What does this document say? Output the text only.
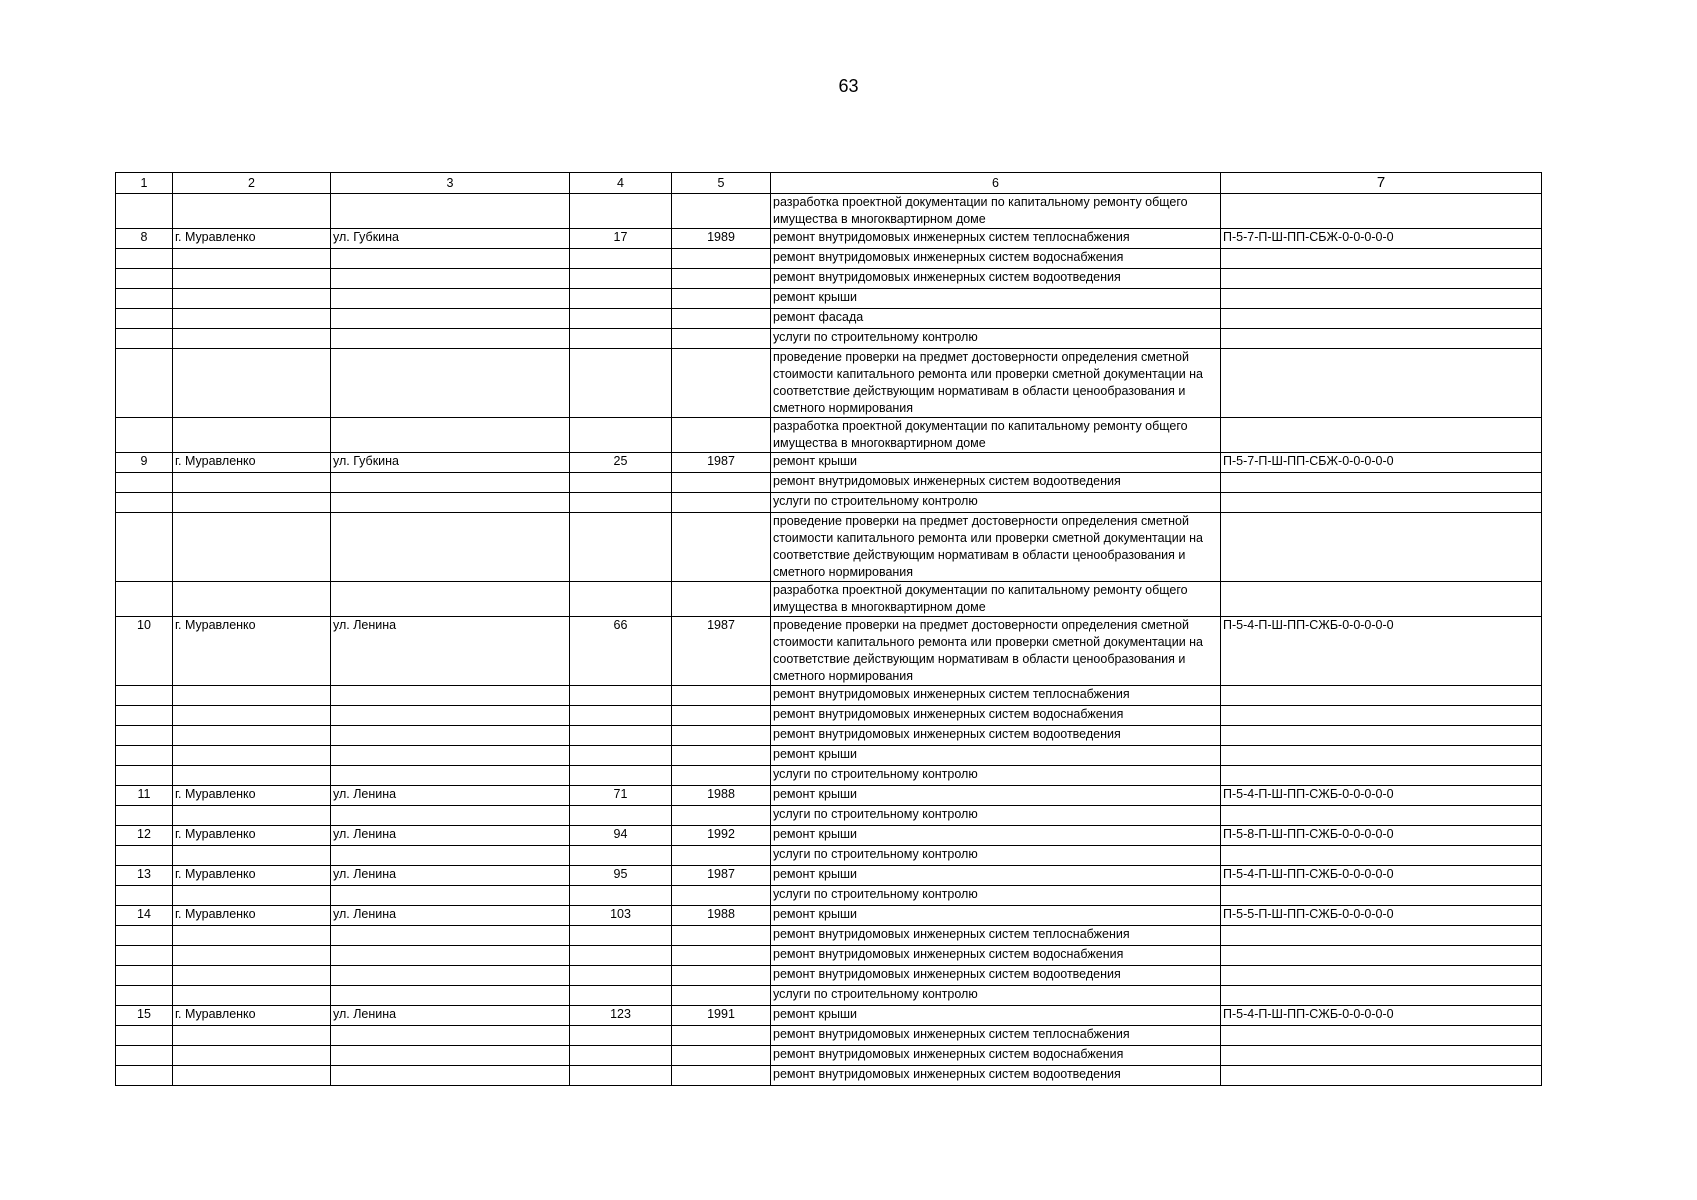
63
1	2	3	4	5	6	7
					разработка проектной документации по капитальному ремонту общего имущества в многоквартирном доме	
8	г. Муравленко	ул. Губкина	17	1989	ремонт внутридомовых инженерных систем теплоснабжения	П-5-7-П-Ш-ПП-СБЖ-0-0-0-0-0
					ремонт внутридомовых инженерных систем водоснабжения	
					ремонт внутридомовых инженерных систем водоотведения	
					ремонт крыши	
					ремонт фасада	
					услуги по строительному контролю	
					проведение проверки на предмет достоверности определения сметной стоимости капитального ремонта или проверки сметной документации на соответствие действующим нормативам в области ценообразования и сметного нормирования	
					разработка проектной документации по капитальному ремонту общего имущества в многоквартирном доме	
9	г. Муравленко	ул. Губкина	25	1987	ремонт крыши	П-5-7-П-Ш-ПП-СБЖ-0-0-0-0-0
					ремонт внутридомовых инженерных систем водоотведения	
					услуги по строительному контролю	
					проведение проверки на предмет достоверности определения сметной стоимости капитального ремонта или проверки сметной документации на соответствие действующим нормативам в области ценообразования и сметного нормирования	
					разработка проектной документации по капитальному ремонту общего имущества в многоквартирном доме	
10	г. Муравленко	ул. Ленина	66	1987	проведение проверки на предмет достоверности определения сметной стоимости капитального ремонта или проверки сметной документации на соответствие действующим нормативам в области ценообразования и сметного нормирования	П-5-4-П-Ш-ПП-СЖБ-0-0-0-0-0
					ремонт внутридомовых инженерных систем теплоснабжения	
					ремонт внутридомовых инженерных систем водоснабжения	
					ремонт внутридомовых инженерных систем водоотведения	
					ремонт крыши	
					услуги по строительному контролю	
11	г. Муравленко	ул. Ленина	71	1988	ремонт крыши	П-5-4-П-Ш-ПП-СЖБ-0-0-0-0-0
					услуги по строительному контролю	
12	г. Муравленко	ул. Ленина	94	1992	ремонт крыши	П-5-8-П-Ш-ПП-СЖБ-0-0-0-0-0
					услуги по строительному контролю	
13	г. Муравленко	ул. Ленина	95	1987	ремонт крыши	П-5-4-П-Ш-ПП-СЖБ-0-0-0-0-0
					услуги по строительному контролю	
14	г. Муравленко	ул. Ленина	103	1988	ремонт крыши	П-5-5-П-Ш-ПП-СЖБ-0-0-0-0-0
					ремонт внутридомовых инженерных систем теплоснабжения	
					ремонт внутридомовых инженерных систем водоснабжения	
					ремонт внутридомовых инженерных систем водоотведения	
					услуги по строительному контролю	
15	г. Муравленко	ул. Ленина	123	1991	ремонт крыши	П-5-4-П-Ш-ПП-СЖБ-0-0-0-0-0
					ремонт внутридомовых инженерных систем теплоснабжения	
					ремонт внутридомовых инженерных систем водоснабжения	
					ремонт внутридомовых инженерных систем водоотведения	
